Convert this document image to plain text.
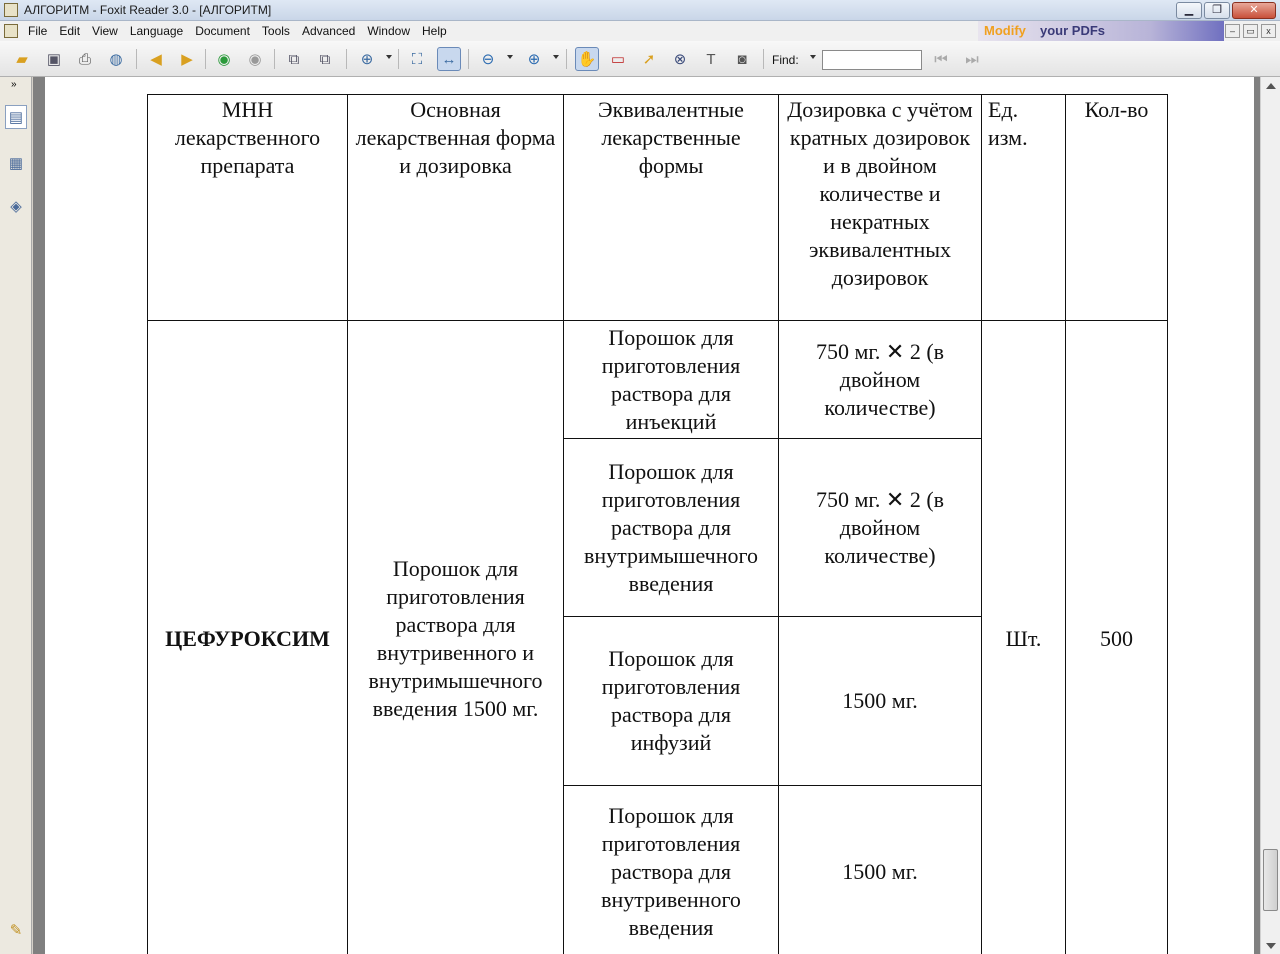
АЛГОРИТМ - Foxit Reader 3.0 - [АЛГОРИТМ]	▁	❐	✕
File	Edit	View	Language	Document	Tools	Advanced	Window	Help	Modify your PDFs	–	▭	x
▰	▣	⎙	◍	◀	▶	◉	◉	⧉	⧉	⊕	⛶	↔	⊖	⊕	✋ ▭	➚	⊗	T	◙	Find:	⏮	⏭
»
▤
▦
◈
✎
МНН лекарственного препарата	Основная лекарственная форма и дозировка	Эквивалентные лекарственные формы	Дозировка с учётом кратных дозировок и в двойном количестве и некратных эквивалентных дозировок	Ед. изм.	Кол-во
ЦЕФУРОКСИМ	Порошок для приготовления раствора для внутривенного и внутримышечного введения 1500 мг.	Порошок для приготовления раствора для инъекций	750 мг. ✕ 2 (в двойном количестве)	Шт.	500
		Порошок для приготовления раствора для внутримышечного введения	750 мг. ✕ 2 (в двойном количестве)		
		Порошок для приготовления раствора для инфузий	1500 мг.		
		Порошок для приготовления раствора для внутривенного введения	1500 мг.		
